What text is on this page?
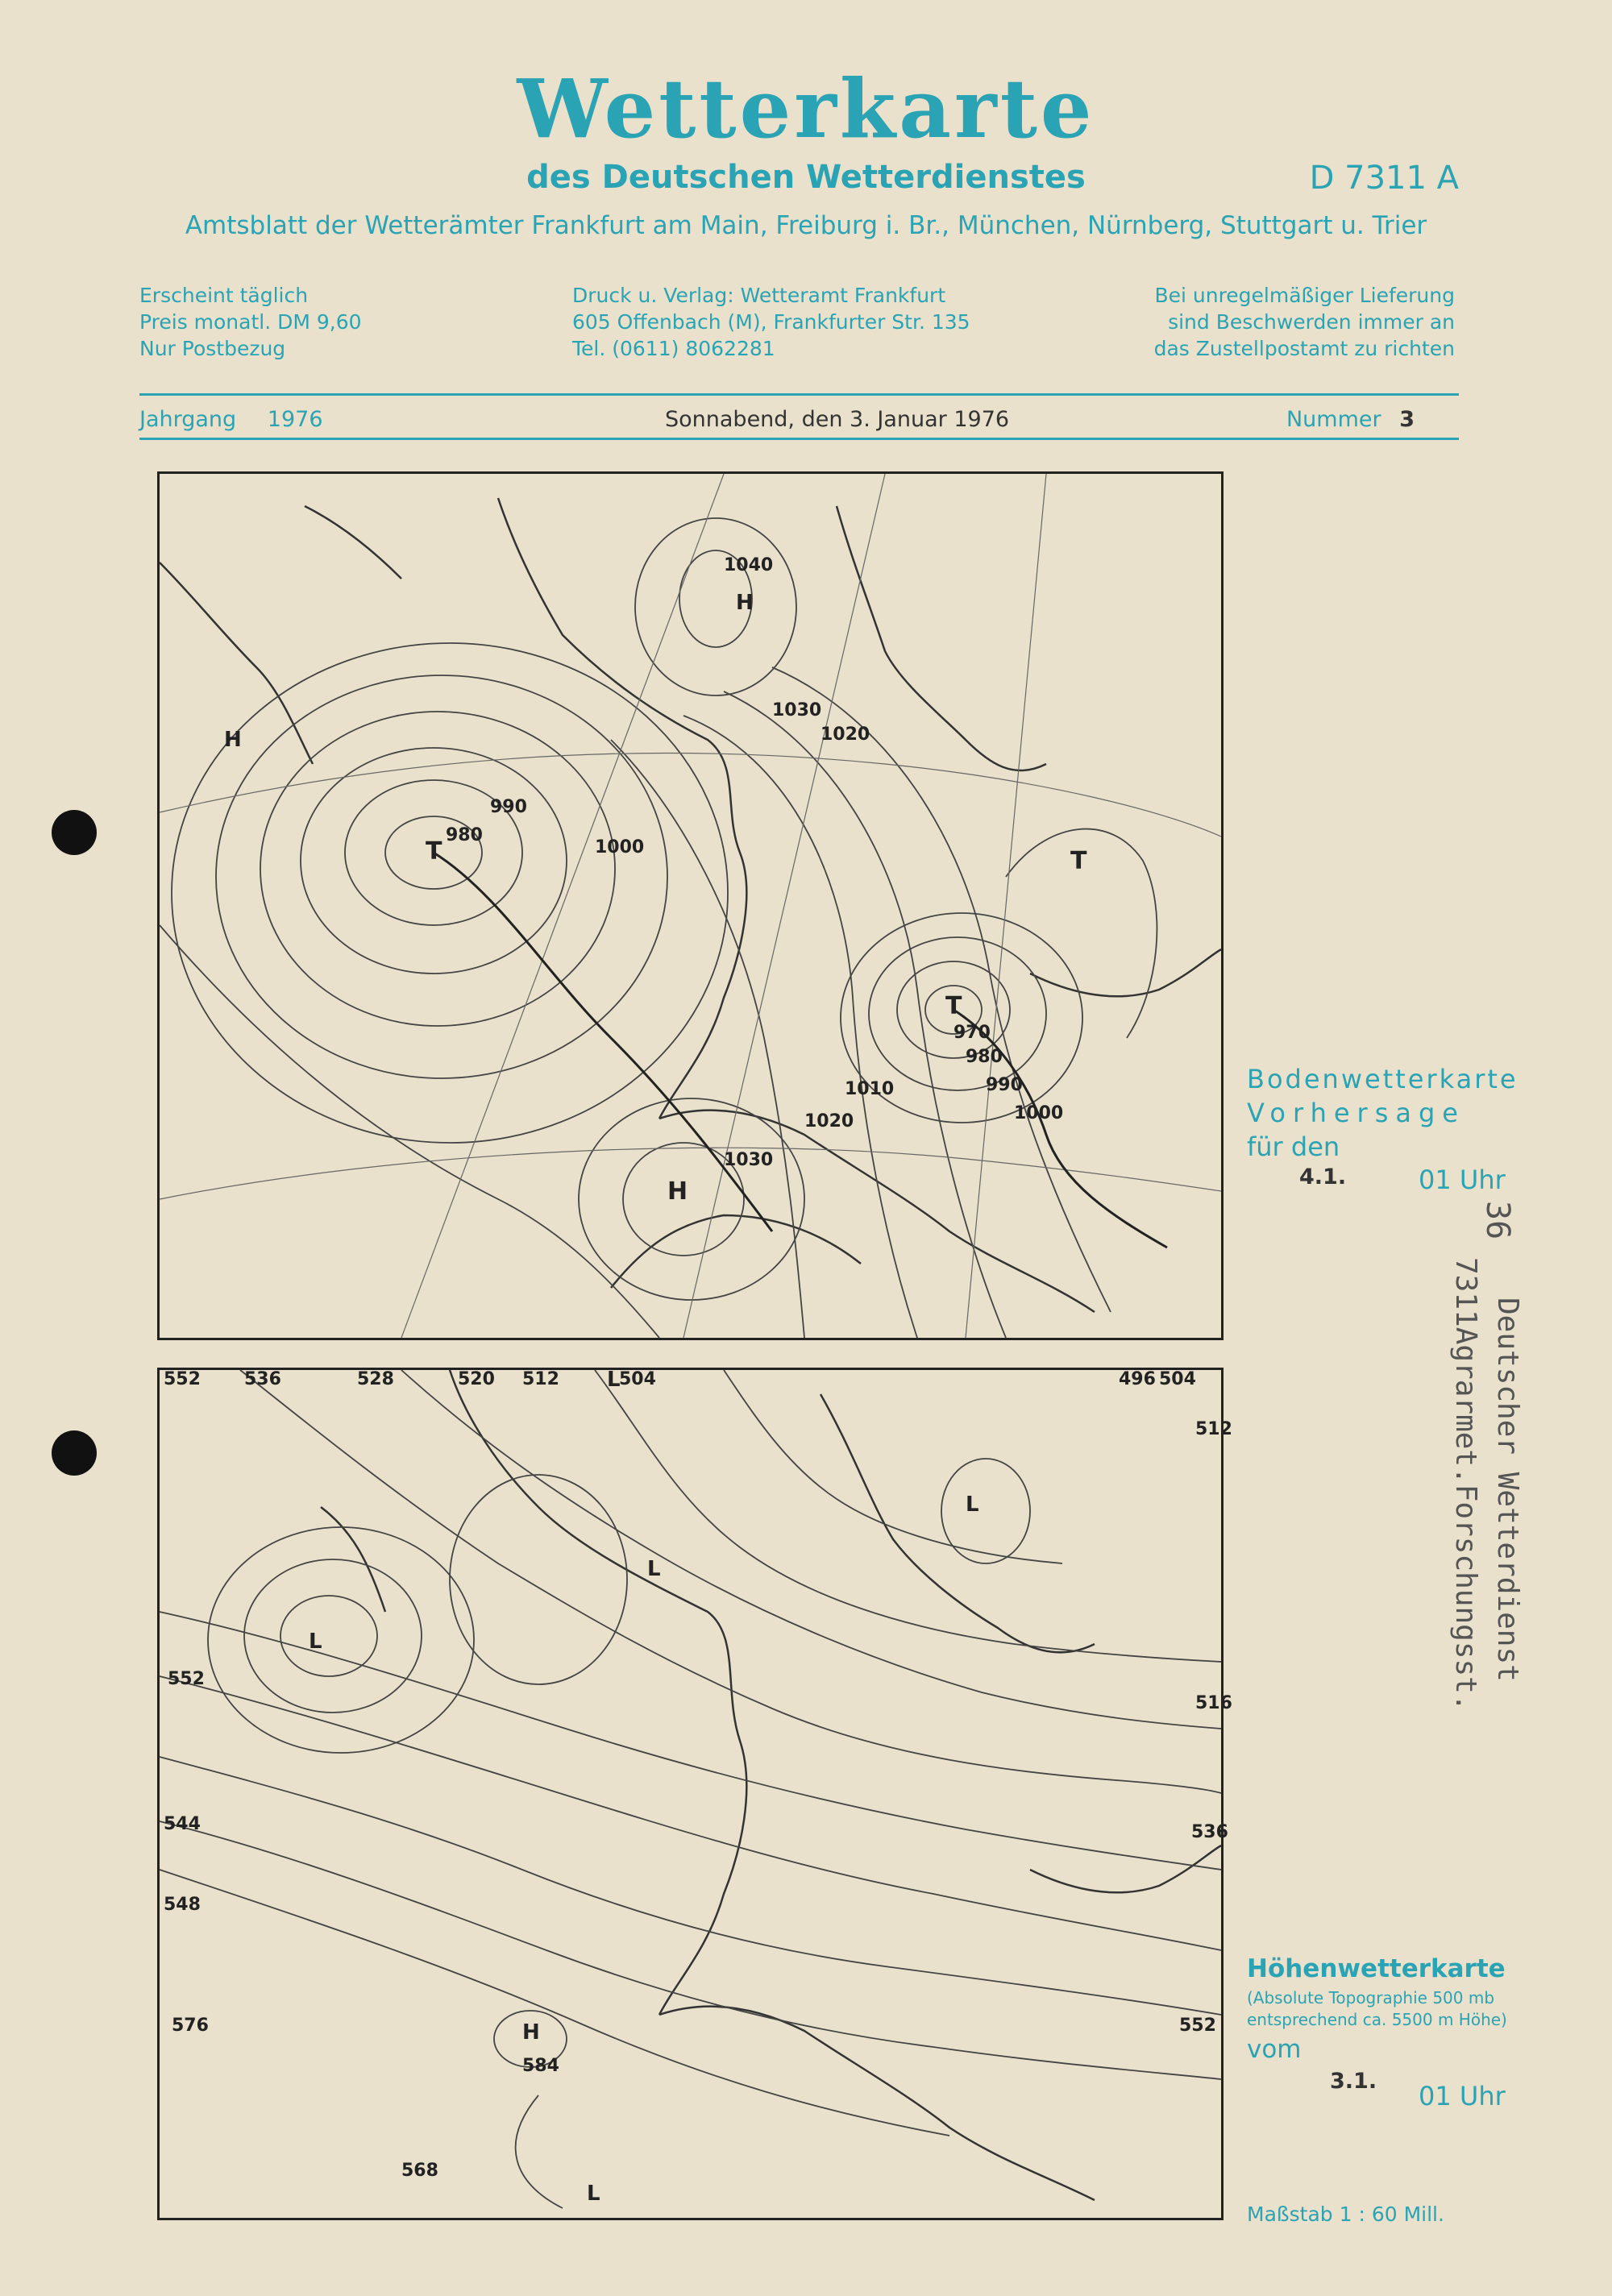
Wetterkarte
des Deutschen Wetterdienstes	D 7311 A
Amtsblatt der Wetterämter Frankfurt am Main, Freiburg i. Br., München, Nürnberg, Stuttgart u. Trier
Erscheint täglich
Preis monatl. DM 9,60
Nur Postbezug
Druck u. Verlag: Wetteramt Frankfurt
605 Offenbach (M), Frankfurter Str. 135
Tel. (0611) 8062281
Bei unregelmäßiger Lieferung
sind Beschwerden immer an
das Zustellpostamt zu richten
Jahrgang 1976	Sonnabend, den 3. Januar 1976	Nummer 3
H
H
T	T
T
H
1040
1030
1020
1000
990
980
970
980
990
1000
1010
1020
1030
Bodenwetterkarte
Vorhersage
für den
4.1.	01 Uhr
L
L
L
L
H
L
552 536	528	520 512	504	496 504
512
516
536
552
544
548
552
576
584
568
Höhenwetterkarte
(Absolute Topographie 500 mb
entsprechend ca. 5500 m Höhe)
vom
3.1. 01 Uhr
Maßstab 1 : 60 Mill.
36
7311Agrarmet.Forschungsst. Deutscher Wetterdienst
